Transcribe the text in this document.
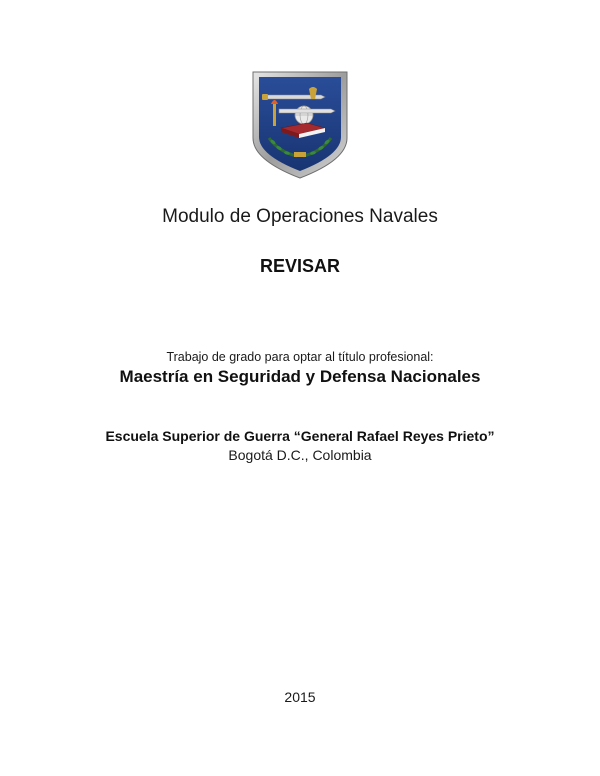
Modulo de Operaciones Navales
REVISAR
Trabajo de grado para optar al título profesional:
Maestría en Seguridad y Defensa Nacionales
Escuela Superior de Guerra “General Rafael Reyes Prieto”
Bogotá D.C., Colombia
2015
